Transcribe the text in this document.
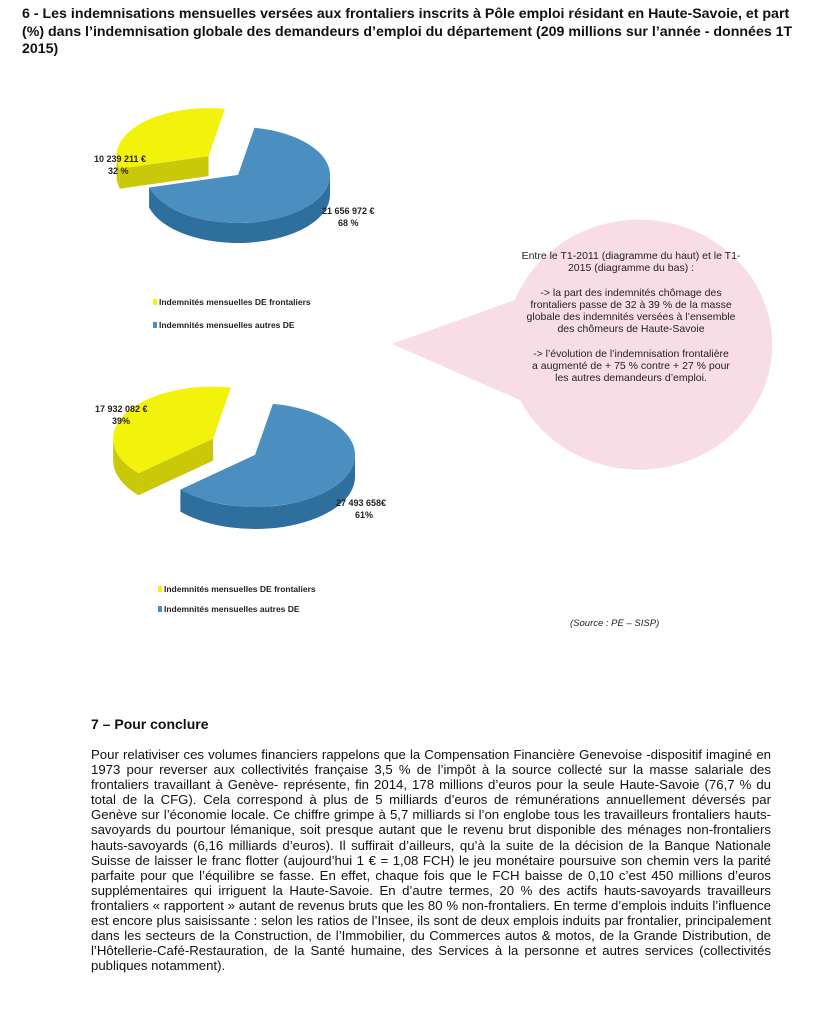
6 - Les indemnisations mensuelles versées aux frontaliers inscrits à Pôle emploi résidant en Haute-Savoie, et part (%) dans l’indemnisation globale des demandeurs d’emploi du département (209 millions sur l’année - données 1T 2015)
10 239 211 €
32 %
21 656 972 €
68 %
Indemnités mensuelles DE frontaliers
Indemnités mensuelles autres DE
17 932 082 €
39%
27 493 658€
61%
Indemnités mensuelles DE frontaliers
Indemnités mensuelles autres DE

Entre le T1-2011 (diagramme du haut) et le T1-2015 (diagramme du bas) :

-> la part des indemnités chômage des frontaliers passe de 32 à 39 % de la masse globale des indemnités versées à l’ensemble des chômeurs de Haute-Savoie

-> l’évolution de l’indemnisation frontalière a augmenté de + 75 % contre + 27 % pour les autres demandeurs d’emploi.

(Source : PE – SISP)
7 – Pour conclure
Pour relativiser ces volumes financiers rappelons que la Compensation Financière Genevoise -dispositif imaginé en 1973 pour reverser aux collectivités française 3,5 % de l’impôt à la source collecté sur la masse salariale des frontaliers travaillant à Genève- représente, fin 2014, 178 millions d’euros pour la seule Haute-Savoie (76,7 % du total de la CFG). Cela correspond à plus de 5 milliards d’euros de rémunérations annuellement déversés par Genève sur l’économie locale. Ce chiffre grimpe à 5,7 milliards si l’on englobe tous les travailleurs frontaliers hauts-savoyards du pourtour lémanique, soit presque autant que le revenu brut disponible des ménages non-frontaliers hauts-savoyards (6,16 milliards d’euros). Il suffirait d’ailleurs, qu’à la suite de la décision de la Banque Nationale Suisse de laisser le franc flotter (aujourd’hui 1 € = 1,08 FCH) le jeu monétaire poursuive son chemin vers la parité parfaite pour que l’équilibre se fasse. En effet, chaque fois que le FCH baisse de 0,10 c’est 450 millions d’euros supplémentaires qui irriguent la Haute-Savoie. En d’autre termes, 20 % des actifs hauts-savoyards travailleurs frontaliers « rapportent » autant de revenus bruts que les 80 % non-frontaliers. En terme d’emplois induits l’influence est encore plus saisissante : selon les ratios de l’Insee, ils sont de deux emplois induits par frontalier, principalement dans les secteurs de la Construction, de l’Immobilier, du Commerces autos & motos, de la Grande Distribution, de l’Hôtellerie-Café-Restauration, de la Santé humaine, des Services à la personne et autres services (collectivités publiques notamment).
